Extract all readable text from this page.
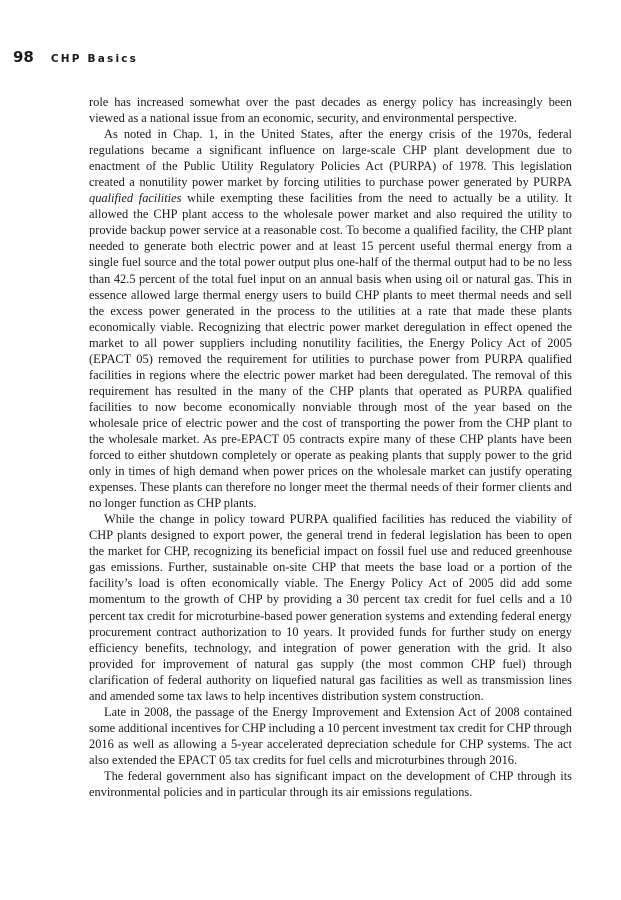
98 CHP Basics

role has increased somewhat over the past decades as energy policy has increasingly been viewed as a national issue from an economic, security, and environmental perspective.

As noted in Chap. 1, in the United States, after the energy crisis of the 1970s, federal regulations became a significant influence on large-scale CHP plant development due to enactment of the Public Utility Regulatory Policies Act (PURPA) of 1978. This legislation created a nonutility power market by forcing utilities to purchase power generated by PURPA qualified facilities while exempting these facilities from the need to actually be a utility. It allowed the CHP plant access to the wholesale power market and also required the utility to provide backup power service at a reasonable cost. To become a qualified facility, the CHP plant needed to generate both electric power and at least 15 percent useful thermal energy from a single fuel source and the total power output plus one-half of the thermal output had to be no less than 42.5 percent of the total fuel input on an annual basis when using oil or natural gas. This in essence allowed large thermal energy users to build CHP plants to meet thermal needs and sell the excess power generated in the process to the utilities at a rate that made these plants economically viable. Recognizing that electric power market deregulation in effect opened the market to all power suppliers including nonutility facilities, the Energy Policy Act of 2005 (EPACT 05) removed the requirement for utilities to purchase power from PURPA qualified facilities in regions where the electric power market had been deregulated. The removal of this requirement has resulted in the many of the CHP plants that operated as PURPA qualified facilities to now become economically nonviable through most of the year based on the wholesale price of electric power and the cost of transporting the power from the CHP plant to the wholesale market. As pre-EPACT 05 contracts expire many of these CHP plants have been forced to either shutdown completely or operate as peaking plants that supply power to the grid only in times of high demand when power prices on the wholesale market can justify operating expenses. These plants can therefore no longer meet the thermal needs of their former clients and no longer function as CHP plants.

While the change in policy toward PURPA qualified facilities has reduced the viability of CHP plants designed to export power, the general trend in federal legislation has been to open the market for CHP, recognizing its beneficial impact on fossil fuel use and reduced greenhouse gas emissions. Further, sustainable on-site CHP that meets the base load or a portion of the facility’s load is often economically viable. The Energy Policy Act of 2005 did add some momentum to the growth of CHP by providing a 30 percent tax credit for fuel cells and a 10 percent tax credit for microturbine-based power generation systems and extending federal energy procurement contract authorization to 10 years. It provided funds for further study on energy efficiency benefits, technology, and integration of power generation with the grid. It also provided for improvement of natural gas supply (the most common CHP fuel) through clarification of federal authority on liquefied natural gas facilities as well as transmission lines and amended some tax laws to help incentives distribution system construction.

Late in 2008, the passage of the Energy Improvement and Extension Act of 2008 contained some additional incentives for CHP including a 10 percent investment tax credit for CHP through 2016 as well as allowing a 5-year accelerated depreciation schedule for CHP systems. The act also extended the EPACT 05 tax credits for fuel cells and microturbines through 2016.

The federal government also has significant impact on the development of CHP through its environmental policies and in particular through its air emissions regulations.
